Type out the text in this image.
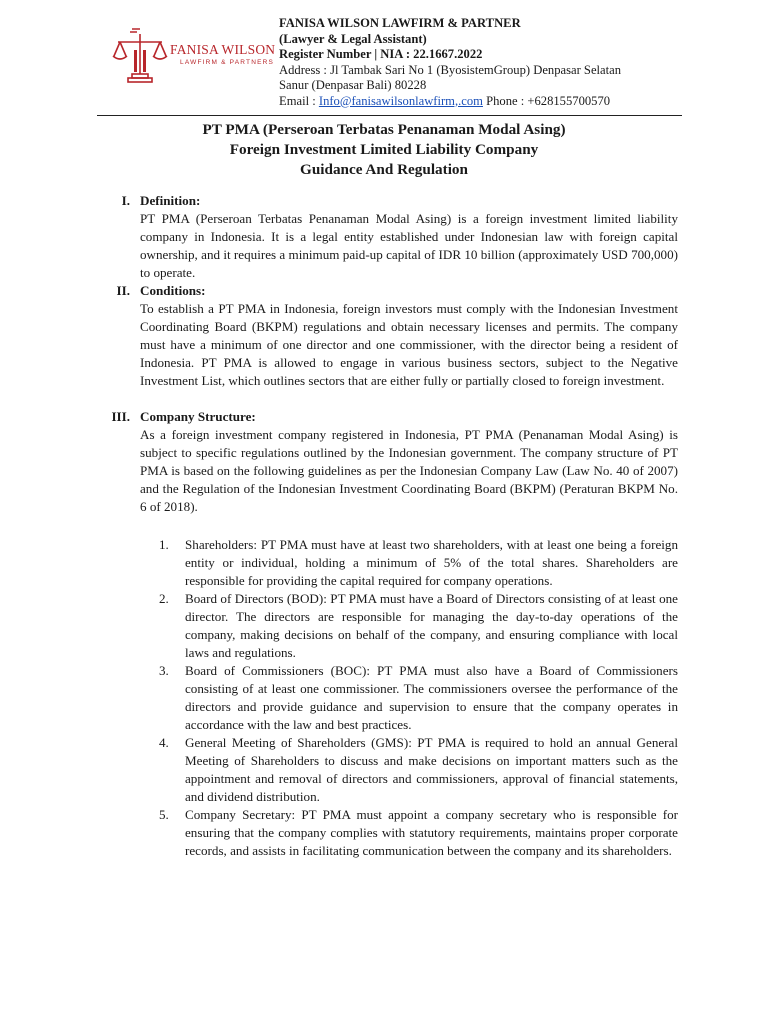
FANISA WILSON
LAWFIRM & PARTNERS
FANISA WILSON LAWFIRM & PARTNER
(Lawyer & Legal Assistant)
Register Number | NIA : 22.1667.2022
Address : Jl Tambak Sari No 1 (ByosistemGroup) Denpasar Selatan
Sanur (Denpasar Bali) 80228
Email : Info@fanisawilsonlawfirm,.com Phone : +628155700570
PT PMA (Perseroan Terbatas Penanaman Modal Asing)
Foreign Investment Limited Liability Company
Guidance And Regulation
I. Definition:
PT PMA (Perseroan Terbatas Penanaman Modal Asing) is a foreign investment limited liability company in Indonesia. It is a legal entity established under Indonesian law with foreign capital ownership, and it requires a minimum paid-up capital of IDR 10 billion (approximately USD 700,000) to operate.
II. Conditions:
To establish a PT PMA in Indonesia, foreign investors must comply with the Indonesian Investment Coordinating Board (BKPM) regulations and obtain necessary licenses and permits. The company must have a minimum of one director and one commissioner, with the director being a resident of Indonesia. PT PMA is allowed to engage in various business sectors, subject to the Negative Investment List, which outlines sectors that are either fully or partially closed to foreign investment.
III. Company Structure:
As a foreign investment company registered in Indonesia, PT PMA (Penanaman Modal Asing) is subject to specific regulations outlined by the Indonesian government. The company structure of PT PMA is based on the following guidelines as per the Indonesian Company Law (Law No. 40 of 2007) and the Regulation of the Indonesian Investment Coordinating Board (BKPM) (Peraturan BKPM No. 6 of 2018).
1. Shareholders: PT PMA must have at least two shareholders, with at least one being a foreign entity or individual, holding a minimum of 5% of the total shares. Shareholders are responsible for providing the capital required for company operations.
2. Board of Directors (BOD): PT PMA must have a Board of Directors consisting of at least one director. The directors are responsible for managing the day-to-day operations of the company, making decisions on behalf of the company, and ensuring compliance with local laws and regulations.
3. Board of Commissioners (BOC): PT PMA must also have a Board of Commissioners consisting of at least one commissioner. The commissioners oversee the performance of the directors and provide guidance and supervision to ensure that the company operates in accordance with the law and best practices.
4. General Meeting of Shareholders (GMS): PT PMA is required to hold an annual General Meeting of Shareholders to discuss and make decisions on important matters such as the appointment and removal of directors and commissioners, approval of financial statements, and dividend distribution.
5. Company Secretary: PT PMA must appoint a company secretary who is responsible for ensuring that the company complies with statutory requirements, maintains proper corporate records, and assists in facilitating communication between the company and its shareholders.
